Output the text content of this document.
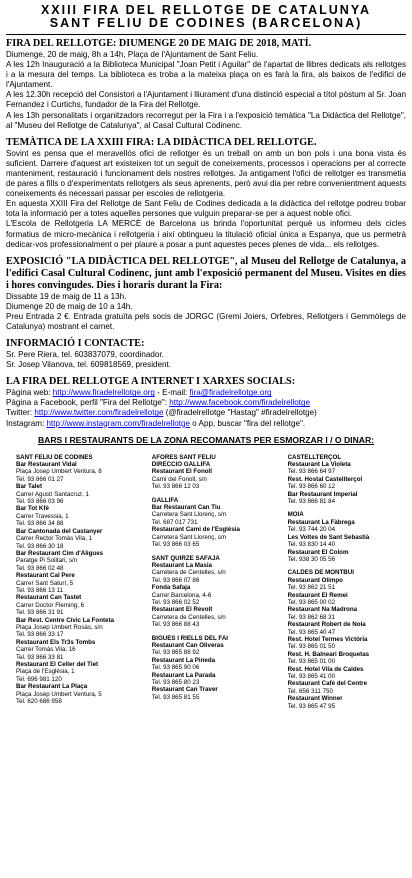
XXIII FIRA DEL RELLOTGE DE CATALUNYA
SANT FELIU DE CODINES (BARCELONA)
FIRA DEL RELLOTGE: DIUMENGE 20 DE MAIG DE 2018, MATÍ.

Diumenge, 20 de maig, 8h a 14h, Plaça de l'Ajuntament de Sant Feliu.

A les 12h Inauguració a la Biblioteca Municipal "Joan Petit i Aguilar" de l'apartat de llibres dedicats als rellotges i a la mesura del temps. La biblioteca es troba a la mateixa plaça on es farà la fira, als baixos de l'edifici de l'Ajuntament.

A les 12.30h recepció del Consistori a l'Ajuntament i lliurament d'una distinció especial a títol pòstum al Sr. Joan Fernandez i Curtichs, fundador de la Fira del Rellotge.

A les 13h personalitats i organitzadors recorregut per la Fira i a l'exposició temàtica "La Didàctica del Rellotge", al "Museu del Rellotge de Catalunya", al Casal Cultural Codinenc.

TEMÀTICA DE LA XXIII FIRA: LA DIDÀCTICA DEL RELLOTGE.

Sovint es pensa que el meravellós ofici de rellotger és un treball on amb un bon pols i una bona vista és suficient. Darrere d'aquest art existeixen tot un seguit de coneixements, processos i operacions per al correcte manteniment, restauració i funcionament dels nostres rellotges. Ja antigament l'ofici de rellotger es transmetia de pares a fills o d'experimentats rellotgers als seus aprenents, però avui dia per rebre convenientment aquests coneixements és necessari passar per escoles de rellotgeria.

En aquesta XXIII Fira del Rellotge de Sant Feliu de Codines dedicada a la didàctica del rellotge podreu trobar tota la informació per a totes aquelles persones que vulguin preparar-se per a aquest noble ofici.

L'Escola de Rellotgeria LA MERCÈ de Barcelona us brinda l'oportunitat perquè us informeu dels cicles formatius de micro-mecànica i rellotgeria i així obtingueu la titulació oficial única a Espanya, que us permetrà dedicar-vos professionalment o per plaure a posar a punt aquestes peces plenes de vida... els rellotges.

EXPOSICIÓ "LA DIDÀCTICA DEL RELLOTGE", al Museu del Rellotge de Catalunya, a l'edifici Casal Cultural Codinenc, junt amb l'exposició permanent del Museu. Visites en dies i hores convingudes. Dies i horaris durant la Fira:

Dissabte 19 de maig de 11 a 13h.

Diumenge 20 de maig de 10 a 14h.

Preu Entrada 2 €. Entrada gratuïta pels socis de JORGC (Gremi Joiers, Orfebres, Rellotgers i Gemmòlegs de Catalunya) mostrant el carnet.

INFORMACIÓ I CONTACTE:

Sr. Pere Riera, tel. 603837079, coordinador.

Sr. Josep Vilanova, tel. 609818569, president.

LA FIRA DEL RELLOTGE A INTERNET I XARXES SOCIALS:

Pàgina web: http://www.firadelrellotge.org - E-mail: fira@firadelrellotge.org

Pàgina a Facebook, perfil "Fira del Rellotge": http://www.facebook.com/firadelrellotge

Twitter: http://www.twitter.com/firadelrellotge (@firadelrellotge "Hastag" #firadelrellotge)

Instagram: http://www.instagram.com/firadelrellotge o App, buscar "fira del rellotge".

BARS I RESTAURANTS DE LA ZONA RECOMANATS PER ESMORZAR I / O DINAR:
SANT FELIU DE CODINES
Bar Restaurant Vidal
Plaça Josep Umbert Ventura, 8
Tel. 93 866 01 27
Bar Talet
Carrer Agustí Santacruz, 1
Tel. 93 866 03 96
Bar Tot Kfè
Carrer Travessia, 1
Tel. 93 866 34 88
Bar Cantonada del Castanyer
Carrer Rector Tomàs Vila, 1
Tel. 93 866 30 18
Bar Restaurant Cim d'Àligues
Paratge Pi Solitari, s/n
Tel. 93 866 02 48
Restaurant Cal Pere
Carrer Sant Saturí, 5
Tel. 93 866 13 11
Restaurant Can Tastet
Carrer Doctor Fleming, 6
Tel. 93 866 31 91
Bar Rest. Centre Cívic La Fonteta
Plaça Josep Umbert Rosàs, s/n
Tel. 93 866 33 17
Restaurant Els Tr3s Tombs
Carrer Tomàs Vila, 16
Tel. 93 866 33 81
Restaurant El Celler del Tiet
Plaça de l'Església, 1
Tel. 696 981 120
Bar Restaurant La Plaça
Plaça Josep Umbert Ventura, 5
Tel. 620 686 958
AFORES SANT FELIU
DIRECCIÓ GALLIFA
Restaurant El Fonoll
Camí del Fonoll, s/n
Tel. 93 866 12 03
GALLIFA
Bar Restaurant Can Tiu
Carretera Sant Llorenç, s/n
Tel. 687 017 731
Restaurant Cami de l'Església
Carretera Sant Llorenç, s/n
Tel. 93 866 03 65
SANT QUIRZE SAFAJA
Restaurant La Masia
Carretera de Centelles, s/n
Tel. 93 866 07 86
Fonda Safaja
Carrer Barcelona, 4-6
Tel. 93 866 02 52
Restaurant El Revolt
Carretera de Centelles, s/n
Tel. 93 866 88 43
BIGUES I RIELLS DEL FAI
Restaurant Can Oliveras
Tel. 93 865 88 92
Restaurant La Pineda
Tel. 93 865 90 06
Restaurant La Parada
Tel. 93 865 80 23
Restaurant Can Traver
Tel. 93 865 81 55
CASTELLTERÇOL
Restaurant La Violeta
Tel. 93 866 64 97
Rest. Hostal Castellterçol
Tel. 93 866 60 12
Bar Restaurant Imperial
Tel. 93 866 81 84
MOIÀ
Restaurant La Fàbrega
Tel. 93 744 20 04
Les Voltes de Sant Sebastià
Tel. 93 830 14 40
Restaurant El Colom
Tel. 938 30 05 56
CALDES DE MONTBUI
Restaurant Olimpo
Tel. 93 862 21 51
Restaurant El Remei
Tel. 93 865 00 02
Restaurant Na Madrona
Tel. 93 862 68 31
Restaurant Robert de Nola
Tel. 93 865 40 47
Rest. Hotel Termes Victòria
Tel. 93 865 01 50
Rest. H. Balneari Broquetas
Tel. 93 865 01 00
Rest. Hotel Vila de Caldes
Tel. 93 865 41 00
Restaurant Cafè del Centre
Tel. 656 311 750
Restaurant Winner
Tel. 93 865 47 95
